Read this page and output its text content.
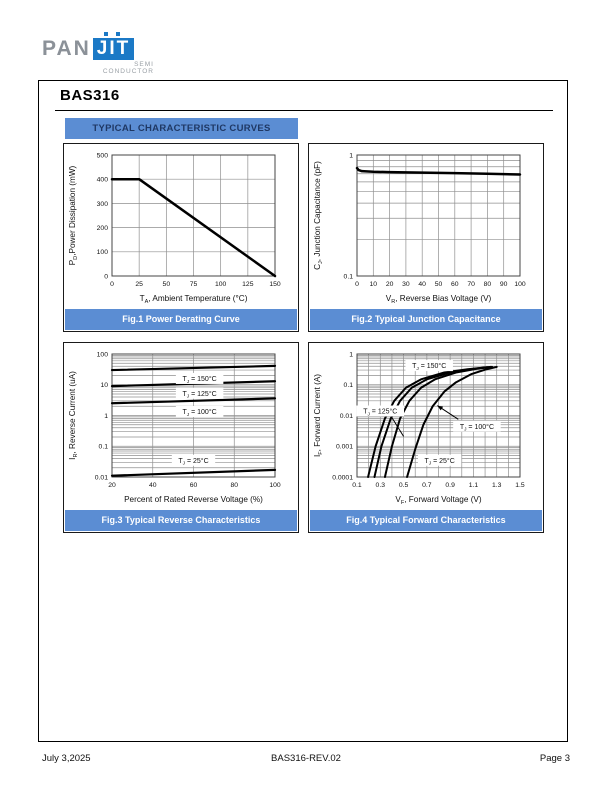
PAN JIT
SEMI
CONDUCTOR
BAS316
TYPICAL CHARACTERISTIC CURVES
Fig.1 Power Derating Curve
0	25	50	75	100 125 150
0
100
200
300
400
500
$T_A$, Ambient Temperature (°C)
$P_D,Power$ Dissipation (mW)
Fig.2 Typical Junction Capacitance
0 10 20 30 40 50 60 70 80 90 100
1
0.1
$V_R$, Reverse Bias Voltage (V)
$C_J$, Junction Capacitance (pF)
Fig.3 Typical Reverse Characteristics
20	40	60	80	100
100
10
1
0.1
0.01
$T_J = 150^\circ C$
$T_J = 125^\circ C$
$T_J = 100^\circ C$
$T_J = 25^\circ C$
Percent of Rated Reverse Voltage (%)
$I_R$, Reverse Current (uA)
Fig.4 Typical Forward Characteristics
0.1 0.3 0.5 0.7 0.9 1.1 1.3 1.5
1
0.1
0.01
0.001
0.0001
$T_J = 150^\circ C$
$T_J = 125^\circ C$
$T_J = 100^\circ C$
$T_J = 25^\circ C$
$V_F$, Forward Voltage (V)
$I_F$, Forward Current (A)
July 3,2025	BAS316-REV.02	Page 3
